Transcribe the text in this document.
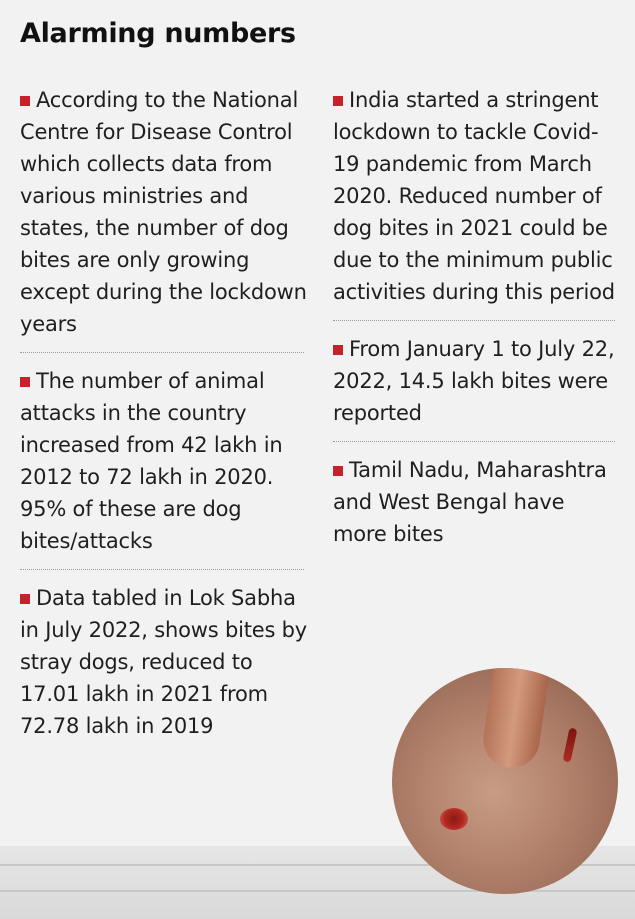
Alarming numbers
According to the National Centre for Disease Control which collects data from various ministries and states, the number of dog bites are only growing except during the lockdown years
The number of animal attacks in the country increased from 42 lakh in 2012 to 72 lakh in 2020. 95% of these are dog bites/attacks
Data tabled in Lok Sabha in July 2022, shows bites by stray dogs, reduced to 17.01 lakh in 2021 from 72.78 lakh in 2019
India started a stringent lockdown to tackle Covid-19 pandemic from March 2020. Reduced number of dog bites in 2021 could be due to the minimum public activities during this period
From January 1 to July 22, 2022, 14.5 lakh bites were reported
Tamil Nadu, Maharashtra and West Bengal have more bites
